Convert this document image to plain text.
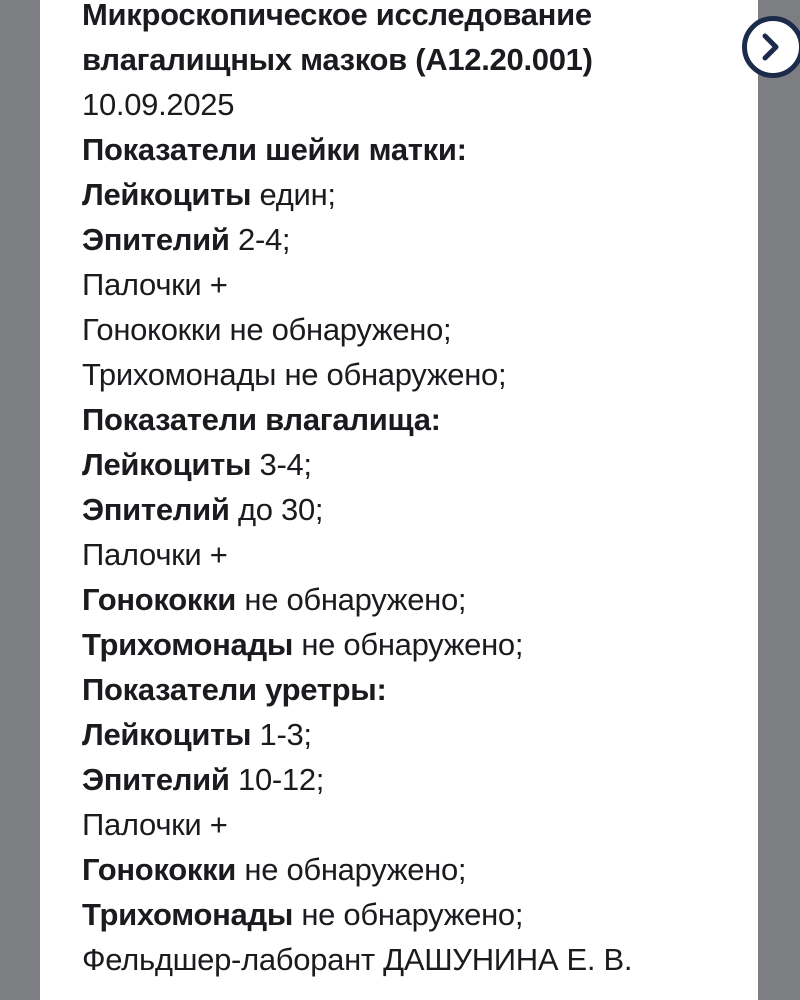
Микроскопическое исследование
влагалищных мазков (A12.20.001)
10.09.2025
Показатели шейки матки:
Лейкоциты един;
Эпителий 2-4;
Палочки +
Гонококки не обнаружено;
Трихомонады не обнаружено;
Показатели влагалища:
Лейкоциты 3-4;
Эпителий до 30;
Палочки +
Гонококки не обнаружено;
Трихомонады не обнаружено;
Показатели уретры:
Лейкоциты 1-3;
Эпителий 10-12;
Палочки +
Гонококки не обнаружено;
Трихомонады не обнаружено;
Фельдшер-лаборант ДАШУНИНА Е. В.
